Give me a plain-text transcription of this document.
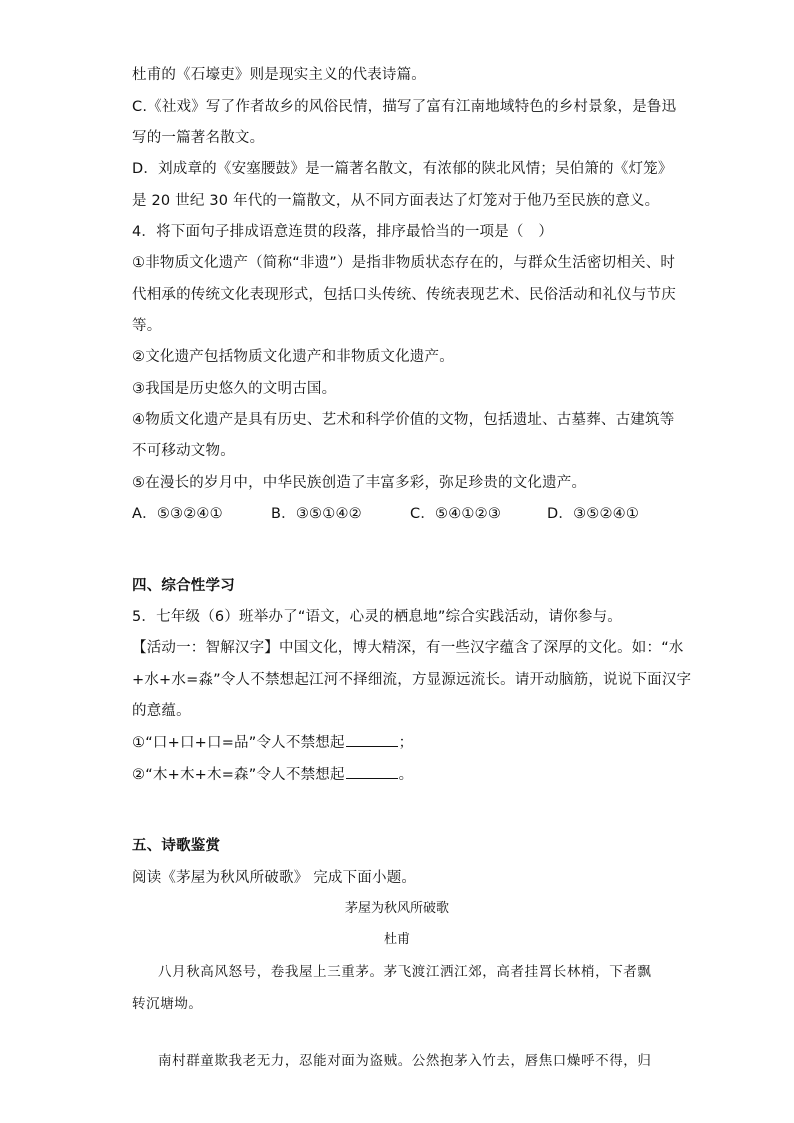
杜甫的《石壕吏》则是现实主义的代表诗篇。
C.《社戏》写了作者故乡的风俗民情，描写了富有江南地域特色的乡村景象，是鲁迅
写的一篇著名散文。
D．刘成章的《安塞腰鼓》是一篇著名散文，有浓郁的陕北风情；吴伯箫的《灯笼》
是 20 世纪 30 年代的一篇散文，从不同方面表达了灯笼对于他乃至民族的意义。
4．将下面句子排成语意连贯的段落，排序最恰当的一项是（　）
①非物质文化遗产（简称“非遗”）是指非物质状态存在的，与群众生活密切相关、时
代相承的传统文化表现形式，包括口头传统、传统表现艺术、民俗活动和礼仪与节庆
等。
②文化遗产包括物质文化遗产和非物质文化遗产。
③我国是历史悠久的文明古国。
④物质文化遗产是具有历史、艺术和科学价值的文物，包括遗址、古墓葬、古建筑等
不可移动文物。
⑤在漫长的岁月中，中华民族创造了丰富多彩，弥足珍贵的文化遗产。
A．⑤③②④①	B．③⑤①④②	C．⑤④①②③	D．③⑤②④①
四、综合性学习
5．七年级（6）班举办了“语文，心灵的栖息地”综合实践活动，请你参与。
【活动一：智解汉字】中国文化，博大精深，有一些汉字蕴含了深厚的文化。如：“水
+水+水=淼”令人不禁想起江河不择细流，方显源远流长。请开动脑筋，说说下面汉字
的意蕴。
①“口+口+口=品”令人不禁想起	；
②“木+木+木=森”令人不禁想起	。
五、诗歌鉴赏
阅读《茅屋为秋风所破歌》 完成下面小题。
茅屋为秋风所破歌
杜甫
八月秋高风怒号，卷我屋上三重茅。茅飞渡江洒江郊，高者挂罥长林梢，下者飘
转沉塘坳。
南村群童欺我老无力，忍能对面为盗贼。公然抱茅入竹去，唇焦口燥呼不得，归
